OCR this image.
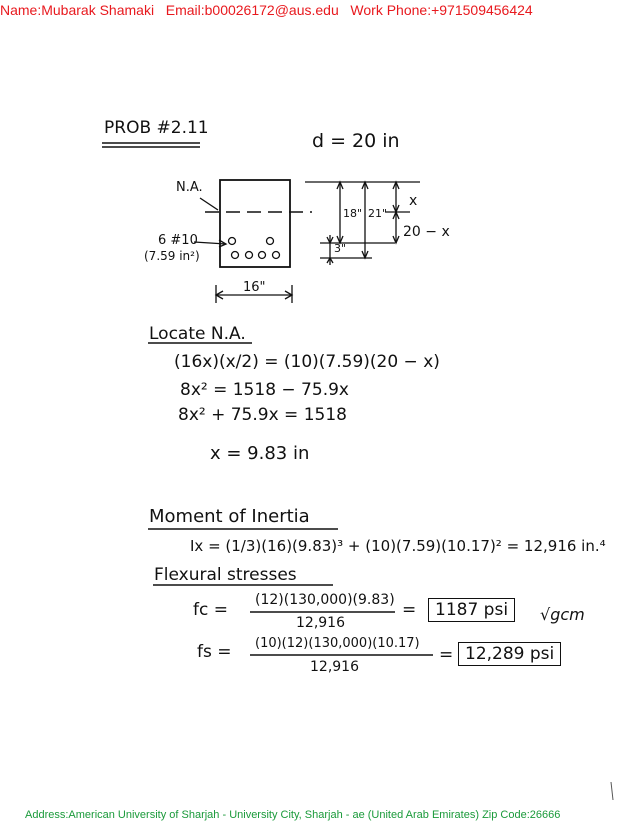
Name:Mubarak Shamaki Email:b00026172@aus.edu Work Phone:+971509456424
PROB #2.11
d = 20 in
N.A.
6 #10
(7.59 in²)
16"
18" 21"
3"
x
20 − x
Locate N.A.
(16x)(x/2) = (10)(7.59)(20 − x)
8x² = 1518 − 75.9x
8x² + 75.9x = 1518
x = 9.83 in
Moment of Inertia
Ix = (1/3)(16)(9.83)³ + (10)(7.59)(10.17)² = 12,916 in.⁴
Flexural stresses
fc = (12)(130,000)(9.83)
12,916
=	1187 psi	√gcm
fs = (10)(12)(130,000)(10.17)
12,916
= 12,289 psi
Address:American University of Sharjah - University City, Sharjah - ae (United Arab Emirates) Zip Code:26666
